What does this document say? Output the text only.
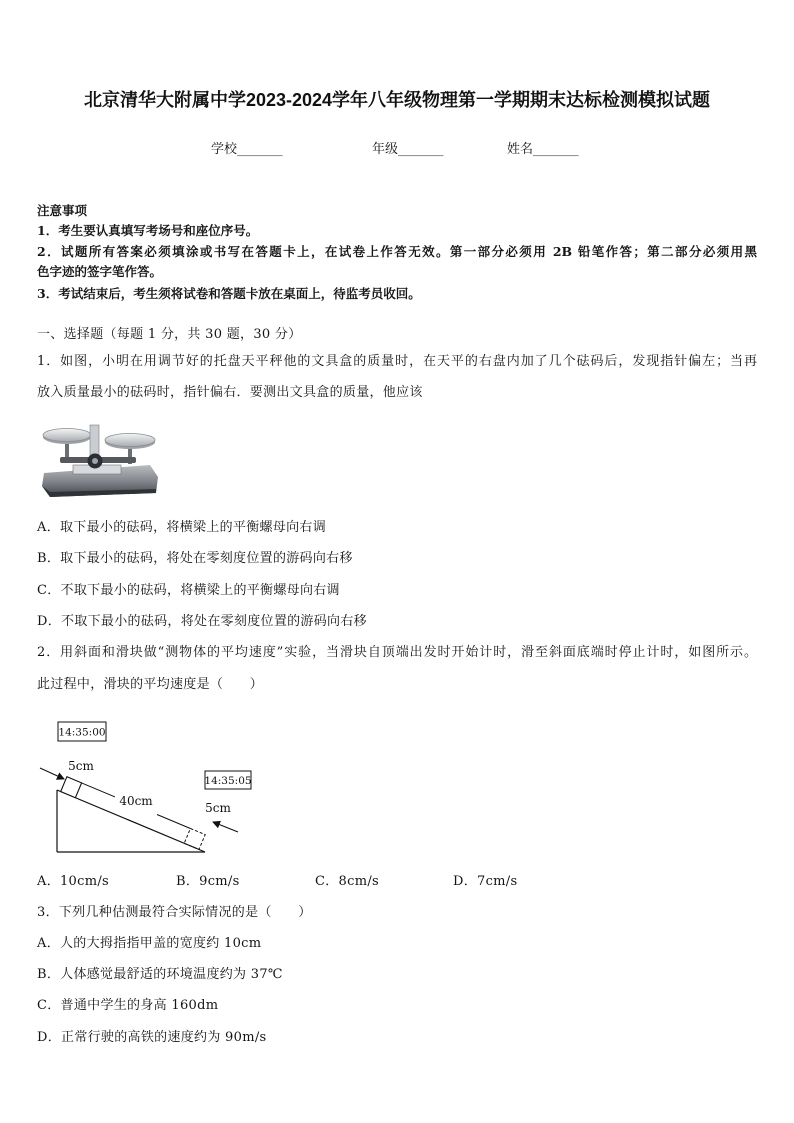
北京清华大附属中学2023-2024学年八年级物理第一学期期末达标检测模拟试题
学校_______	年级_______	姓名_______
注意事项
1．考生要认真填写考场号和座位序号。
2．试题所有答案必须填涂或书写在答题卡上，在试卷上作答无效。第一部分必须用 2B 铅笔作答；第二部分必须用黑
色字迹的签字笔作答。
3．考试结束后，考生须将试卷和答题卡放在桌面上，待监考员收回。
一、选择题（每题 1 分，共 30 题，30 分）
1．如图，小明在用调节好的托盘天平秤他的文具盒的质量时，在天平的右盘内加了几个砝码后，发现指针偏左；当再
放入质量最小的砝码时，指针偏右．要测出文具盒的质量，他应该
A．取下最小的砝码，将横梁上的平衡螺母向右调
B．取下最小的砝码，将处在零刻度位置的游码向右移
C．不取下最小的砝码，将横梁上的平衡螺母向右调
D．不取下最小的砝码，将处在零刻度位置的游码向右移
2．用斜面和滑块做“测物体的平均速度”实验，当滑块自顶端出发时开始计时，滑至斜面底端时停止计时，如图所示。
此过程中，滑块的平均速度是（　　）
14:35:00
14:35:05
40cm
5cm
5cm
A．10cm/s	B．9cm/s	C．8cm/s	D．7cm/s
3．下列几种估测最符合实际情况的是（　　）
A．人的大拇指指甲盖的宽度约 10cm
B．人体感觉最舒适的环境温度约为 37℃
C．普通中学生的身高 160dm
D．正常行驶的高铁的速度约为 90m/s
